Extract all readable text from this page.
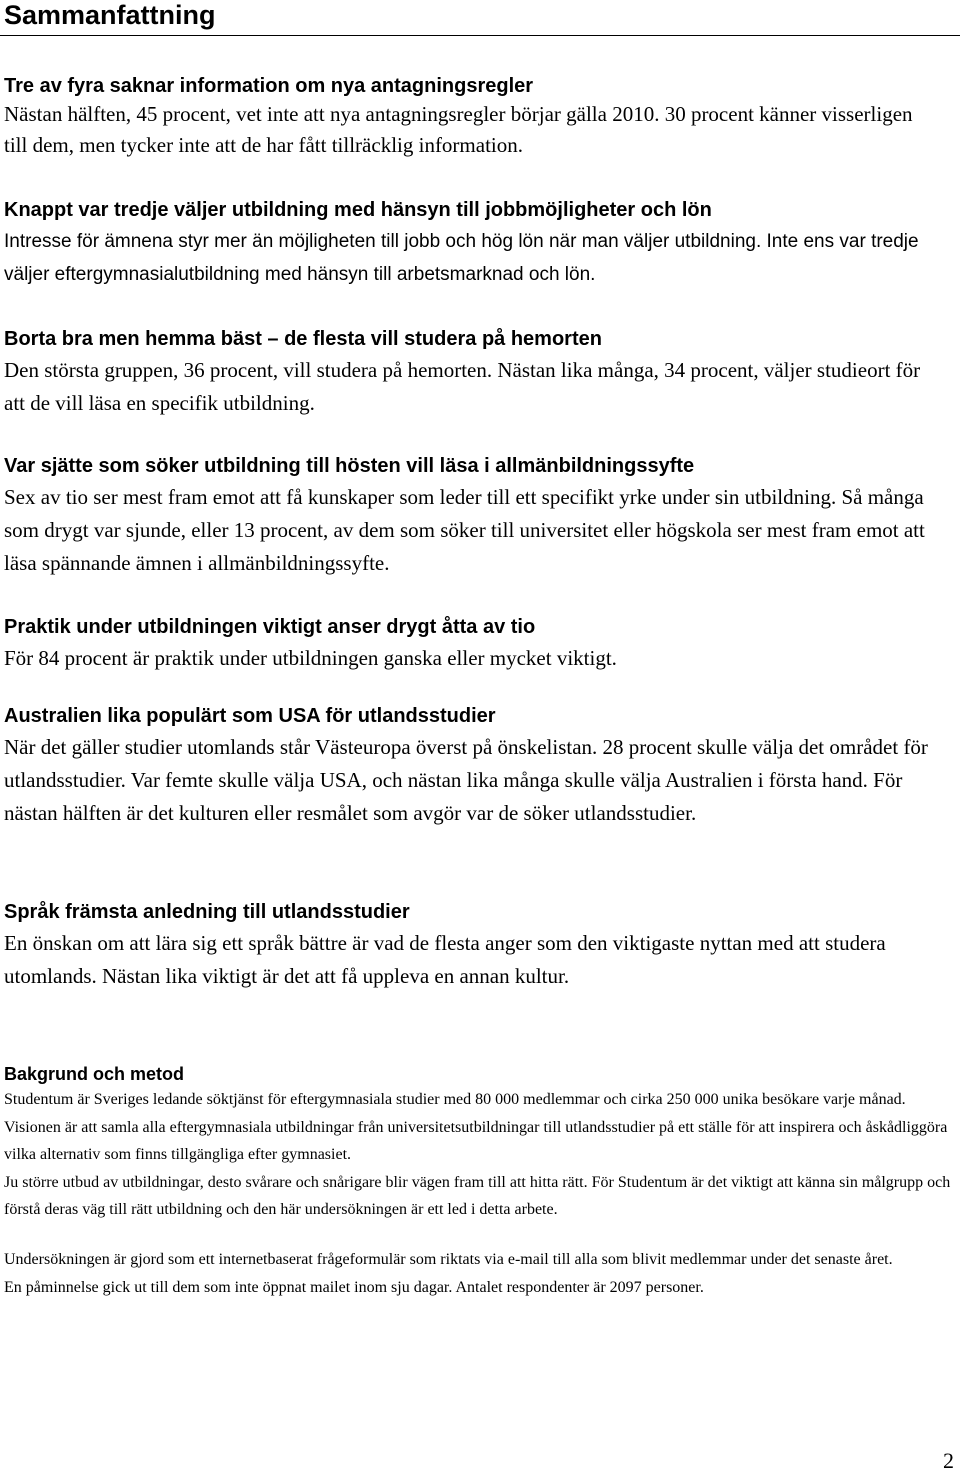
Sammanfattning

Tre av fyra saknar information om nya antagningsregler

Nästan hälften, 45 procent, vet inte att nya antagningsregler börjar gälla 2010. 30 procent känner visserligen till dem, men tycker inte att de har fått tillräcklig information.

Knappt var tredje väljer utbildning med hänsyn till jobbmöjligheter och lön

Intresse för ämnena styr mer än möjligheten till jobb och hög lön när man väljer utbildning. Inte ens var tredje väljer eftergymnasialutbildning med hänsyn till arbetsmarknad och lön.

Borta bra men hemma bäst – de flesta vill studera på hemorten

Den största gruppen, 36 procent, vill studera på hemorten. Nästan lika många, 34 procent, väljer studieort för att de vill läsa en specifik utbildning.

Var sjätte som söker utbildning till hösten vill läsa i allmänbildningssyfte

Sex av tio ser mest fram emot att få kunskaper som leder till ett specifikt yrke under sin utbildning. Så många som drygt var sjunde, eller 13 procent, av dem som söker till universitet eller högskola ser mest fram emot att läsa spännande ämnen i allmänbildningssyfte.

Praktik under utbildningen viktigt anser drygt åtta av tio

För 84 procent är praktik under utbildningen ganska eller mycket viktigt.

Australien lika populärt som USA för utlandsstudier

När det gäller studier utomlands står Västeuropa överst på önskelistan. 28 procent skulle välja det området för utlandsstudier. Var femte skulle välja USA, och nästan lika många skulle välja Australien i första hand. För nästan hälften är det kulturen eller resmålet som avgör var de söker utlandsstudier.

Språk främsta anledning till utlandsstudier

En önskan om att lära sig ett språk bättre är vad de flesta anger som den viktigaste nyttan med att studera utomlands. Nästan lika viktigt är det att få uppleva en annan kultur.

Bakgrund och metod

Studentum är Sveriges ledande söktjänst för eftergymnasiala studier med 80 000 medlemmar och cirka 250 000 unika besökare varje månad. Visionen är att samla alla eftergymnasiala utbildningar från universitetsutbildningar till utlandsstudier på ett ställe för att inspirera och åskådliggöra vilka alternativ som finns tillgängliga efter gymnasiet.

Ju större utbud av utbildningar, desto svårare och snårigare blir vägen fram till att hitta rätt. För Studentum är det viktigt att känna sin målgrupp och förstå deras väg till rätt utbildning och den här undersökningen är ett led i detta arbete.

Undersökningen är gjord som ett internetbaserat frågeformulär som riktats via e-mail till alla som blivit medlemmar under det senaste året. En påminnelse gick ut till dem som inte öppnat mailet inom sju dagar. Antalet respondenter är 2097 personer.

2
